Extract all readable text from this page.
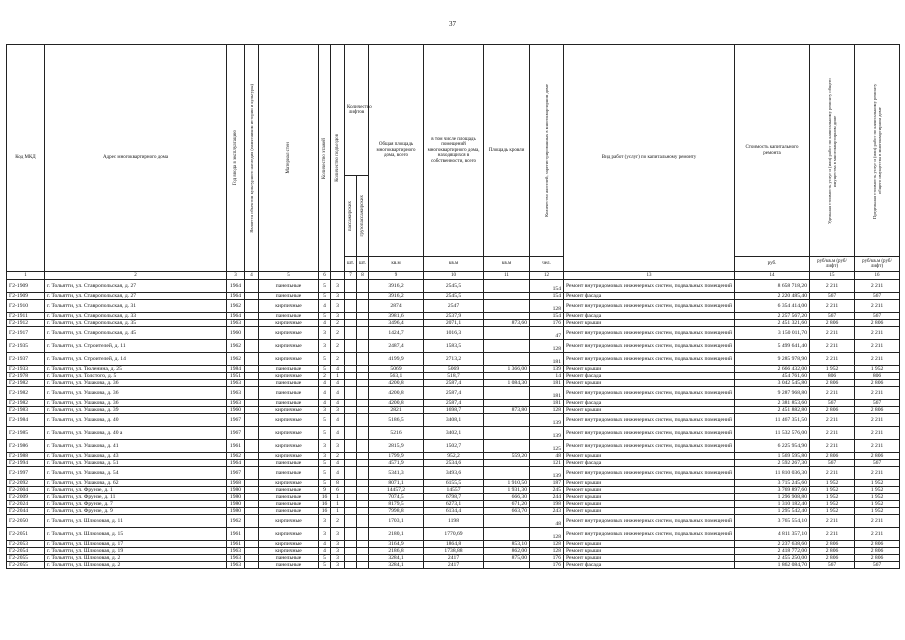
37
Код МКД	Адрес многоквартирного дома	Год ввода в эксплуатацию	Является объектом культурного наследия (памятником истории и культуры)	Материал стен	Количество этажей	Количество подъездов	Количество лифтов		Общая площадь многоквартирного дома, всего	в том числе площадь помещений многоквартирного дома, находящихся в собственности, всего	Площадь кровли	Количество жителей, зарегистрированных в многоквартирном доме	Вид работ (услуг) по капитальному ремонту	Стоимость капитального ремонта	Удельная стоимость услуг и (или) работ по капитальному ремонту общего имущества в многоквартирном доме	Предельная стоимость услуг и (или) работ по капитальному ремонту общего имущества в многоквартирном доме

							пассажирских	грузопассажирских								

							шт.	шт.	кв.м	кв.м	кв.м	чел.		руб.	руб/кв.м (руб/лифт)	руб/кв.м (руб/лифт)
1	2	3	4	5	6		7	8	9	10	11	12	13	14	15	16
Г2-1909	г. Тольятти, ул. Ставропольская, д. 27	1964		панельные	5	3			3916,2	2545,5		154	Ремонт внутридомовых инженерных систем, подвальных помещений	8 658 718,20	2 211	2 211
Г2-1909	г. Тольятти, ул. Ставропольская, д. 27	1964		панельные	5	3			3916,2	2545,5		154	Ремонт фасада	2 220 485,40	567	567
Г2-1910	г. Тольятти, ул. Ставропольская, д. 31	1962		кирпичные	4	3			2874	2547		128	Ремонт внутридомовых инженерных систем, подвальных помещений	6 354 414,00	2 211	2 211
Г2-1911	г. Тольятти, ул. Ставропольская, д. 33	1964		панельные	5	3			3981,6	2537,9		154	Ремонт фасада	2 257 567,20	567	567
Г2-1912	г. Тольятти, ул. Ставропольская, д. 35	1963		кирпичные	4	2			3496,4	2071,1	873,60	176	Ремонт крыши	2 451 321,60	2 806	2 806
Г2-1917	г. Тольятти, ул. Ставропольская, д. 45	1960		кирпичные	3	2			1424,7	1016,3		47	Ремонт внутридомовых инженерных систем, подвальных помещений	3 150 011,70	2 211	2 211
Г2-1935	г. Тольятти, ул. Строителей, д. 11	1962		кирпичные	3	2			2487,4	1583,5		128	Ремонт внутридомовых инженерных систем, подвальных помещений	5 499 641,40	2 211	2 211
Г2-1937	г. Тольятти, ул. Строителей, д. 14	1962		кирпичные	5	2			4199,9	2713,2		181	Ремонт внутридомовых инженерных систем, подвальных помещений	9 285 978,90	2 211	2 211
Г2-1933	г. Тольятти, ул. Тюленина, д. 25	1984		панельные	5	4			5069	5069	1 366,00	139	Ремонт крыши	2 666 432,00	1 952	1 952
Г2-1978	г. Тольятти, ул. Толстого, д. 5	1951		кирпичные	2	1			563,1	518,7		14	Ремонт фасада	454 761,60	806	806
Г2-1982	г. Тольятти, ул. Ушакова, д. 36	1963		панельные	4	4			4200,8	2587,4	1 084,30	181	Ремонт крыши	3 042 545,80	2 806	2 806
Г2-1982	г. Тольятти, ул. Ушакова, д. 36	1963		панельные	4	4			4200,8	2587,4		181	Ремонт внутридомовых инженерных систем, подвальных помещений	9 287 968,80	2 211	2 211
Г2-1982	г. Тольятти, ул. Ушакова, д. 36	1963		панельные	4	4			4200,8	2587,4		181	Ремонт фасада	2 381 853,60	567	567
Г2-1983	г. Тольятти, ул. Ушакова, д. 39	1960		кирпичные	3	3			2821	1698,7	873,80	128	Ремонт крыши	2 451 882,80	2 806	2 806
Г2-1984	г. Тольятти, ул. Ушакова, д. 40	1967		кирпичные	5	4			5186,5	3408,1		139	Ремонт внутридомовых инженерных систем, подвальных помещений	11 467 351,50	2 211	2 211
Г2-1985	г. Тольятти, ул. Ушакова, д. 40 а	1967		кирпичные	5	4			5216	3402,1		139	Ремонт внутридомовых инженерных систем, подвальных помещений	11 532 576,00	2 211	2 211
Г2-1986	г. Тольятти, ул. Ушакова, д. 41	1961		кирпичные	3	3			2815,9	1502,7		125	Ремонт внутридомовых инженерных систем, подвальных помещений	6 225 954,90	2 211	2 211
Г2-1988	г. Тольятти, ул. Ушакова, д. 43	1962		кирпичные	3	2			1799,9	952,2	559,20	48	Ремонт крыши	1 569 595,80	2 806	2 806
Г2-1994	г. Тольятти, ул. Ушакова, д. 51	1964		панельные	5	4			4571,9	2534,6		121	Ремонт фасада	2 592 267,30	567	567
Г2-1997	г. Тольятти, ул. Ушакова, д. 54	1967		панельные	5	4			5341,3	3493,6		139	Ремонт внутридомовых инженерных систем, подвальных помещений	11 810 036,30	2 211	2 211
Г2-2092	г. Тольятти, ул. Ушакова, д. 62	1968		кирпичные	5	8			8071,1	6155,5	1 910,50	187	Ремонт крыши	3 715 245,60	1 952	1 952
Г2-2004	г. Тольятти, ул. Фрунзе, д. 1	1980		панельные	9	6			14457,2	14557	1 931,30	245	Ремонт крыши	3 769 897,60	1 952	1 952
Г2-2009	г. Тольятти, ул. Фрунзе, д. 11	1980		панельные	16	1			7074,5	6798,7	666,30	244	Ремонт крыши	1 296 908,80	1 952	1 952
Г2-2024	г. Тольятти, ул. Фрунзе, д. 7	1980		панельные	16	1			8179,5	6273,1	671,20	198	Ремонт крыши	1 310 182,40	1 952	1 952
Г2-2044	г. Тольятти, ул. Фрунзе, д. 9	1980		панельные	16	1			7998,8	6134,4	663,70	243	Ремонт крыши	1 295 542,40	1 952	1 952
Г2-2050	г. Тольятти, ул. Шлюзовая, д. 11	1962		кирпичные	3	2			1703,1	1198		48	Ремонт внутридомовых инженерных систем, подвальных помещений	3 765 554,10	2 211	2 211
Г2-2051	г. Тольятти, ул. Шлюзовая, д. 15	1961		кирпичные	3	3			2180,1	1770,69		128	Ремонт внутридомовых инженерных систем, подвальных помещений	4 811 357,10	2 211	2 211
Г2-2053	г. Тольятти, ул. Шлюзовая, д. 17	1961		кирпичные	4	3			3164,9	1864,8	853,10	128	Ремонт крыши	2 237 638,60	2 806	2 806
Г2-2054	г. Тольятти, ул. Шлюзовая, д. 19	1963		кирпичные	4	3			2186,8	1738,88	862,00	128	Ремонт крыши	2 418 772,00	2 806	2 806
Г2-2055	г. Тольятти, ул. Шлюзовая, д. 2	1963		панельные	5	3			3284,1	2417	875,00	176	Ремонт крыши	2 455 250,00	2 806	2 806
Г2-2055	г. Тольятти, ул. Шлюзовая, д. 2	1963		панельные	5	3			3284,1	2417		176	Ремонт фасада	1 862 084,70	567	567
